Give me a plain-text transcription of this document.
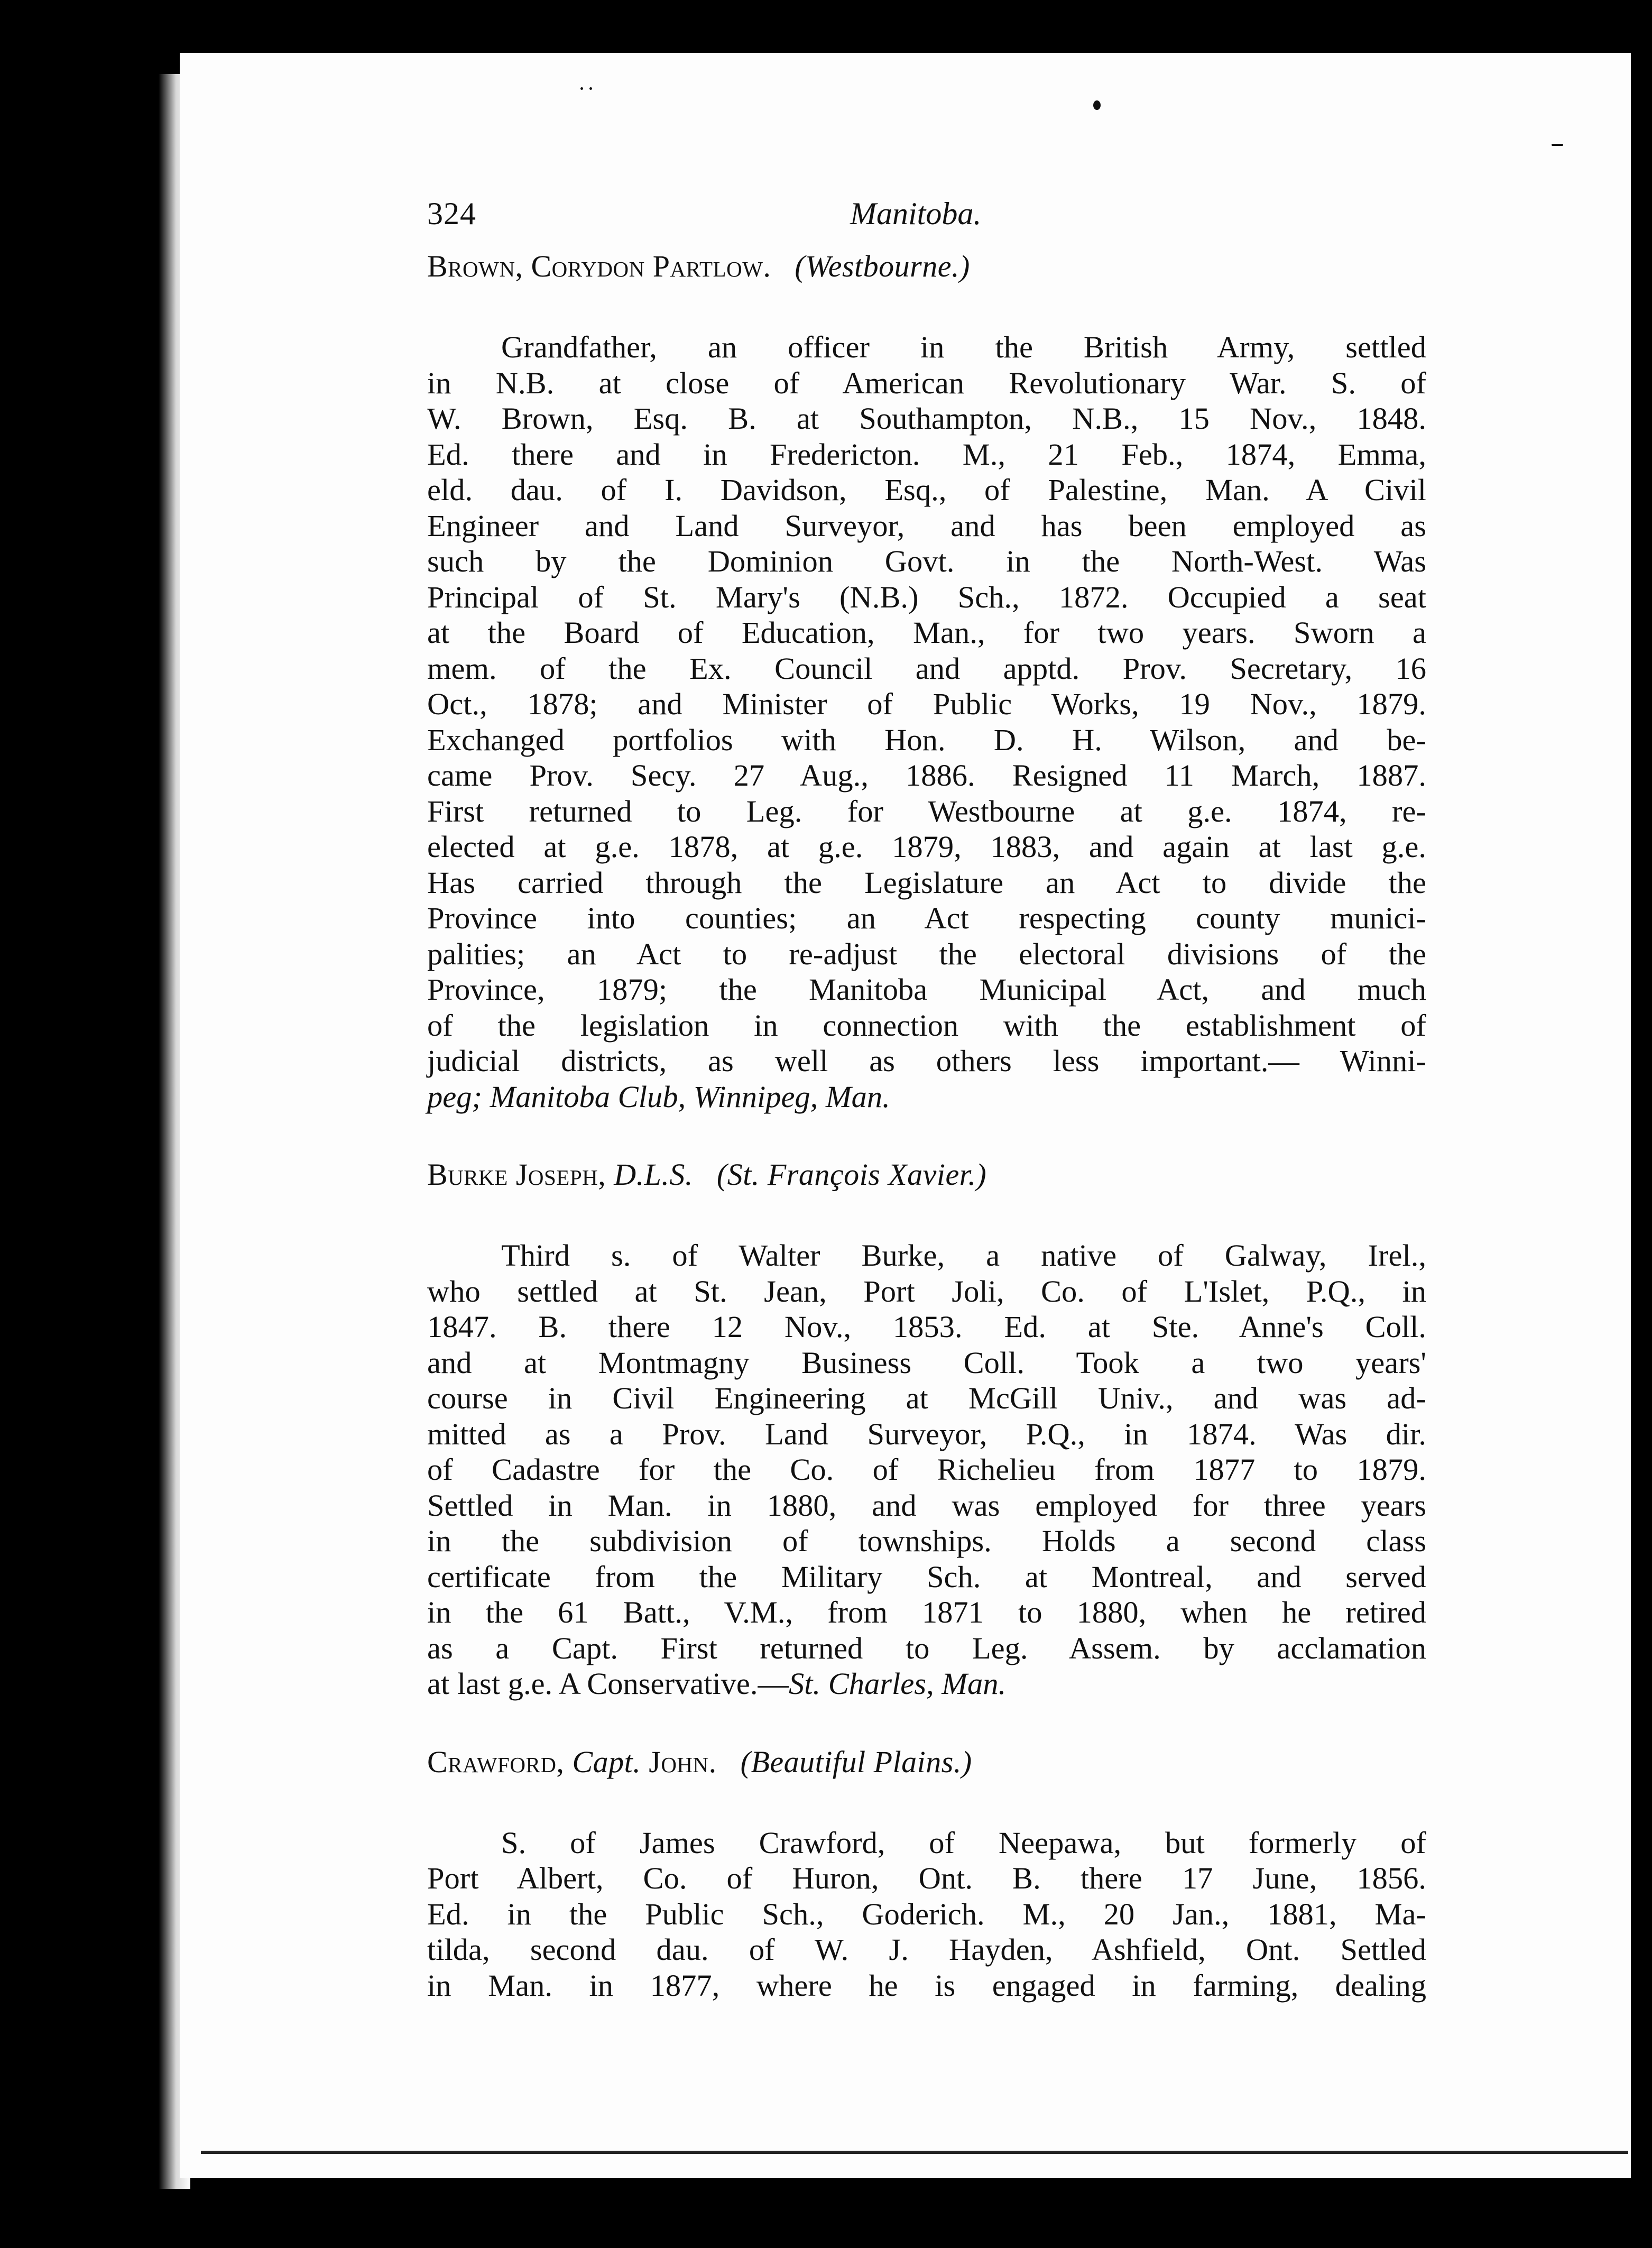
324	Manitoba.
Brown, Corydon Partlow. (Westbourne.)
Grandfather, an officer in the British Army, settled
in N.B. at close of American Revolutionary War. S. of
W. Brown, Esq. B. at Southampton, N.B., 15 Nov., 1848.
Ed. there and in Fredericton. M., 21 Feb., 1874, Emma,
eld. dau. of I. Davidson, Esq., of Palestine, Man. A Civil
Engineer and Land Surveyor, and has been employed as
such by the Dominion Govt. in the North-West. Was
Principal of St. Mary's (N.B.) Sch., 1872. Occupied a seat
at the Board of Education, Man., for two years. Sworn a
mem. of the Ex. Council and apptd. Prov. Secretary, 16
Oct., 1878; and Minister of Public Works, 19 Nov., 1879.
Exchanged portfolios with Hon. D. H. Wilson, and be-
came Prov. Secy. 27 Aug., 1886. Resigned 11 March, 1887.
First returned to Leg. for Westbourne at g.e. 1874, re-
elected at g.e. 1878, at g.e. 1879, 1883, and again at last g.e.
Has carried through the Legislature an Act to divide the
Province into counties; an Act respecting county munici-
palities; an Act to re-adjust the electoral divisions of the
Province, 1879; the Manitoba Municipal Act, and much
of the legislation in connection with the establishment of
judicial districts, as well as others less important.— Winni-
peg; Manitoba Club, Winnipeg, Man.
Burke Joseph, D.L.S. (St. François Xavier.)
Third s. of Walter Burke, a native of Galway, Irel.,
who settled at St. Jean, Port Joli, Co. of L'Islet, P.Q., in
1847. B. there 12 Nov., 1853. Ed. at Ste. Anne's Coll.
and at Montmagny Business Coll. Took a two years'
course in Civil Engineering at McGill Univ., and was ad-
mitted as a Prov. Land Surveyor, P.Q., in 1874. Was dir.
of Cadastre for the Co. of Richelieu from 1877 to 1879.
Settled in Man. in 1880, and was employed for three years
in the subdivision of townships. Holds a second class
certificate from the Military Sch. at Montreal, and served
in the 61 Batt., V.M., from 1871 to 1880, when he retired
as a Capt. First returned to Leg. Assem. by acclamation
at last g.e. A Conservative.—St. Charles, Man.
Crawford, Capt. John. (Beautiful Plains.)
S. of James Crawford, of Neepawa, but formerly of
Port Albert, Co. of Huron, Ont. B. there 17 June, 1856.
Ed. in the Public Sch., Goderich. M., 20 Jan., 1881, Ma-
tilda, second dau. of W. J. Hayden, Ashfield, Ont. Settled
in Man. in 1877, where he is engaged in farming, dealing
